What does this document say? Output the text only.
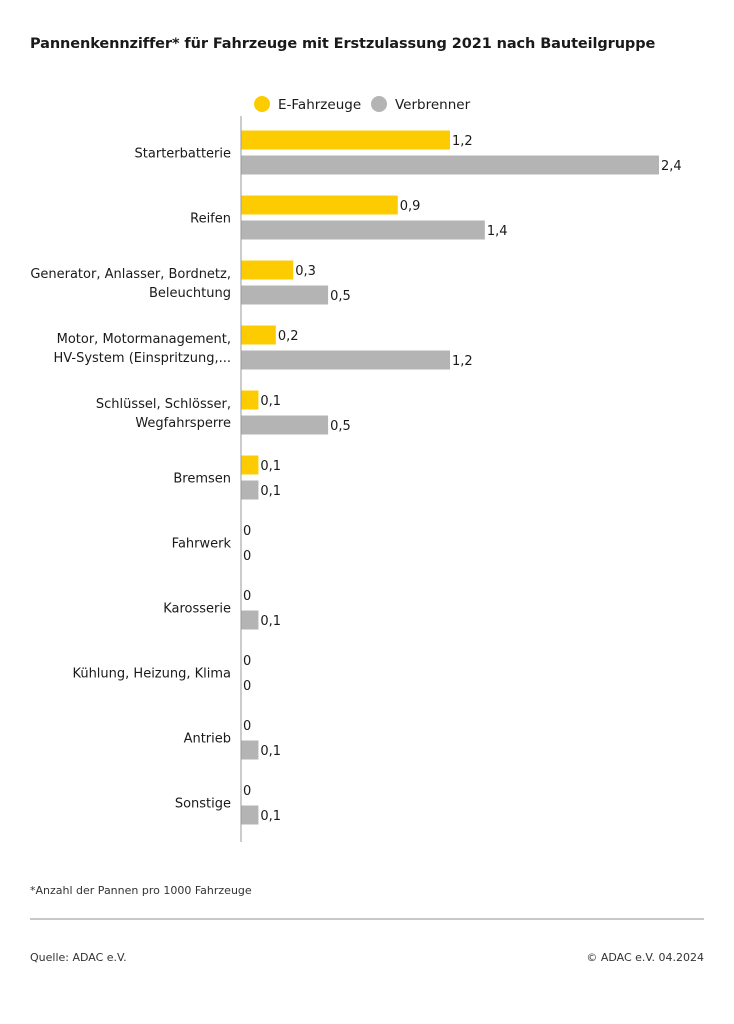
Pannenkennziffer* für Fahrzeuge mit Erstzulassung 2021 nach Bauteilgruppe
E-Fahrzeuge	Verbrenner
1,2
2,4
Starterbatterie
0,9
1,4
Reifen
0,3
0,5
Generator, Anlasser, Bordnetz,
Beleuchtung
0,2
1,2
Motor, Motormanagement,
HV-System (Einspritzung,...
0,1
0,5
Schlüssel, Schlösser,
Wegfahrsperre
0,1
0,1
Bremsen
0
0
Fahrwerk
0
0,1
Karosserie
0
0
Kühlung, Heizung, Klima
0
0,1
Antrieb
0
0,1
Sonstige
*Anzahl der Pannen pro 1000 Fahrzeuge
Quelle: ADAC e.V.	© ADAC e.V. 04.2024
